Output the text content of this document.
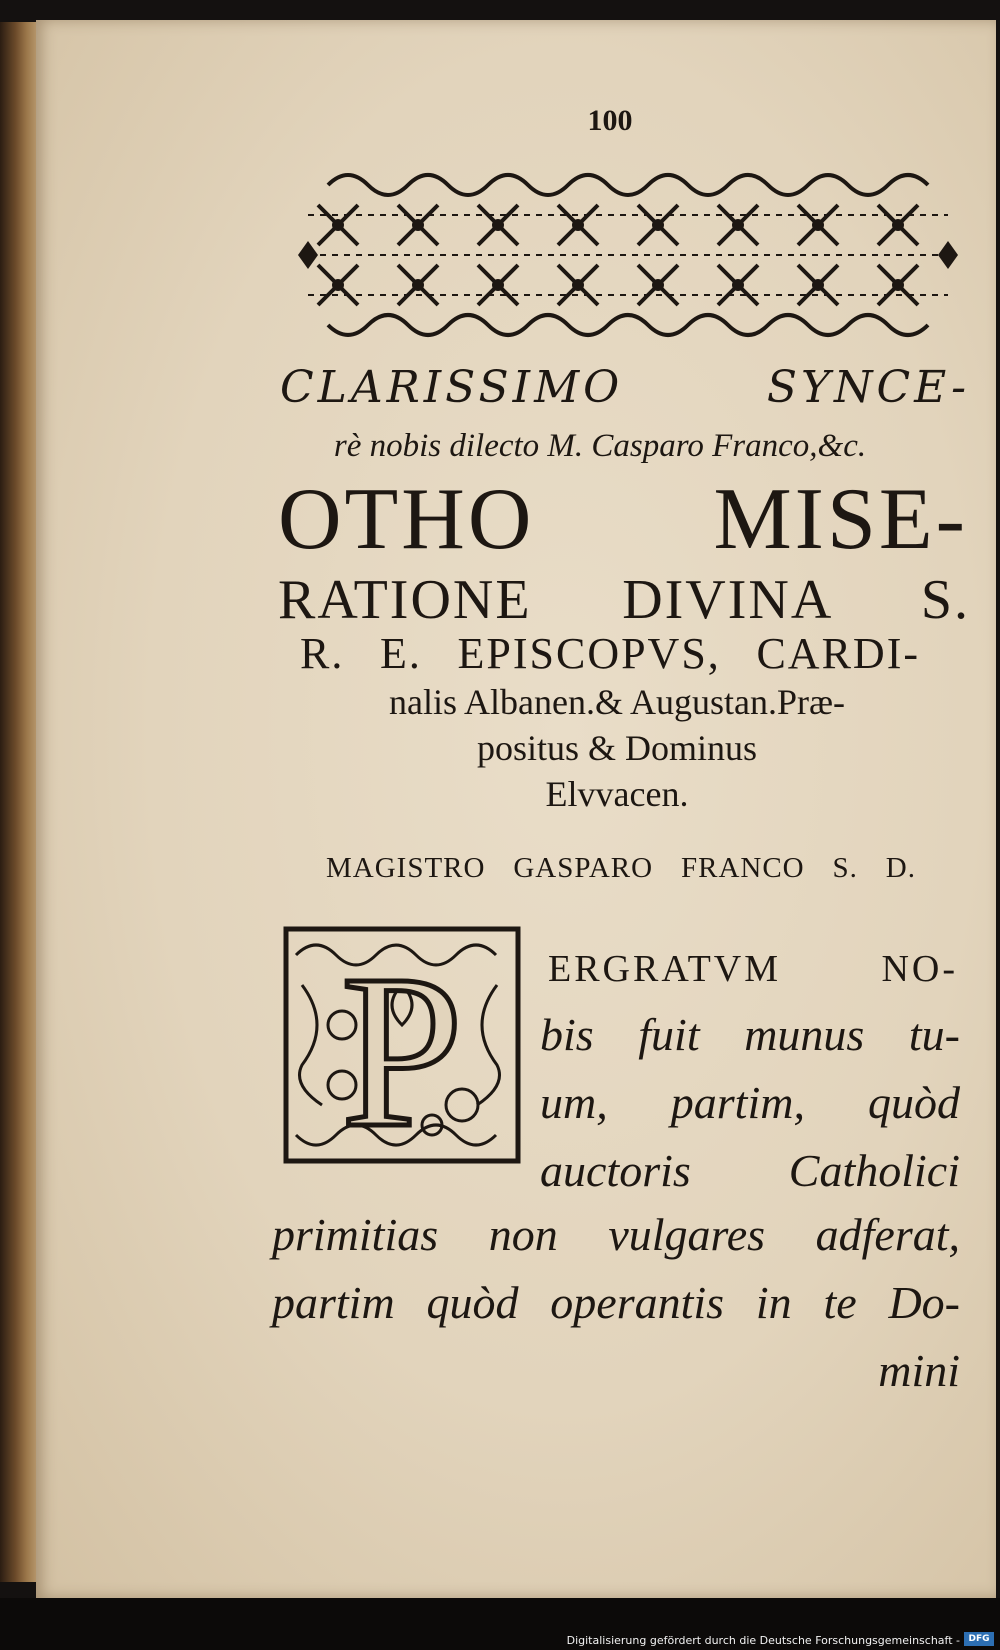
100
CLARISSIMO SYNCE-
rè nobis dilecto M. Casparo Franco,&c.
OTHO MISE-
RATIONE DIVINA S.
R. E. EPISCOPVS, CARDI-
nalis Albanen.& Augustan.Præ-
positus & Dominus
Elvvacen.
MAGISTRO GASPARO FRANCO S. D.
P ERGRATVM NO-
bis fuit munus tu-
um, partim, quòd
auctoris Catholici
primitias non vulgares adferat,
partim quòd operantis in te Do-
mini
Digitalisierung gefördert durch die Deutsche Forschungsgemeinschaft - DFG
